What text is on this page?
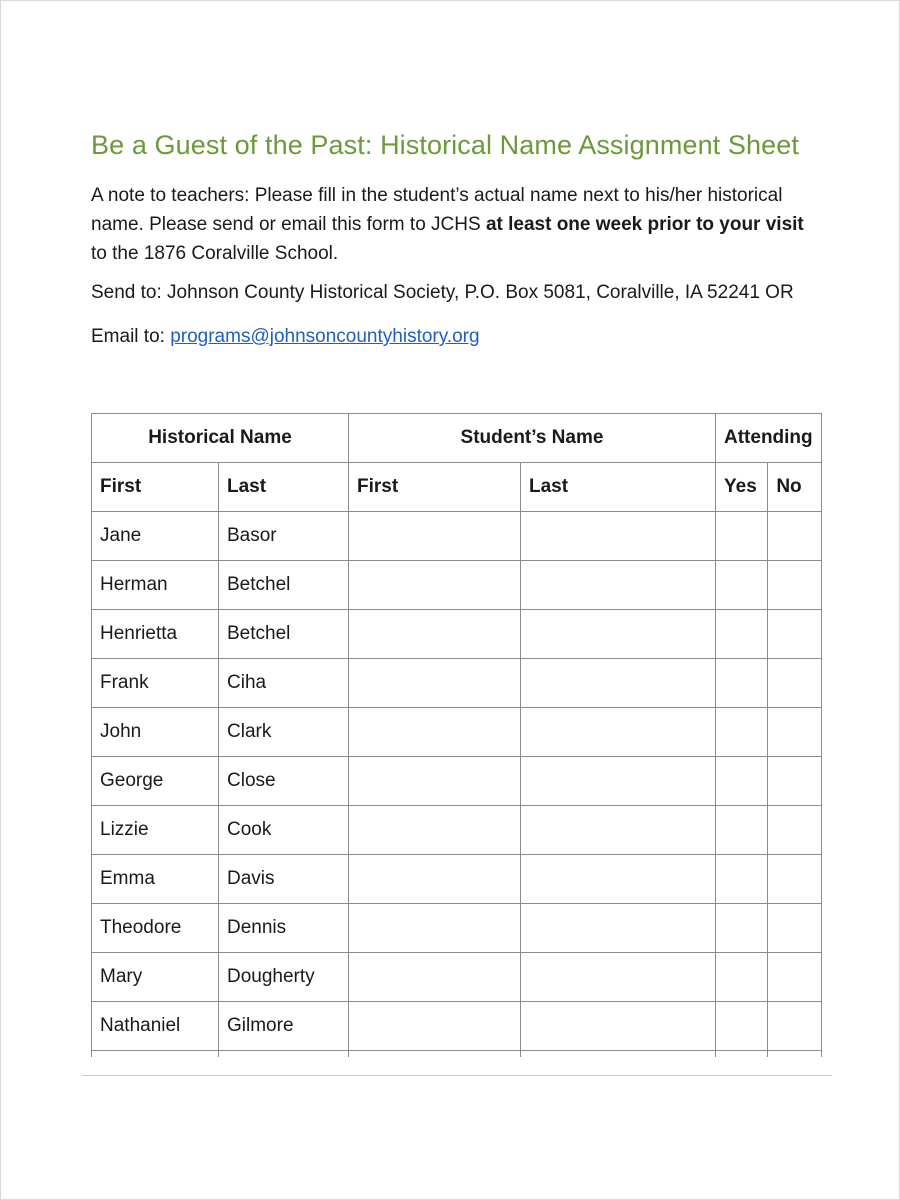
Be a Guest of the Past: Historical Name Assignment Sheet
A note to teachers: Please fill in the student’s actual name next to his/her historical name. Please send or email this form to JCHS at least one week prior to your visit to the 1876 Coralville School.
Send to: Johnson County Historical Society, P.O. Box 5081, Coralville, IA 52241 OR
Email to: programs@johnsoncountyhistory.org
Historical Name		Student’s Name		Attending	
First	Last	First	Last	Yes	No
Jane	Basor				
Herman	Betchel				
Henrietta	Betchel				
Frank	Ciha				
John	Clark				
George	Close				
Lizzie	Cook				
Emma	Davis				
Theodore	Dennis				
Mary	Dougherty				
Nathaniel	Gilmore				
